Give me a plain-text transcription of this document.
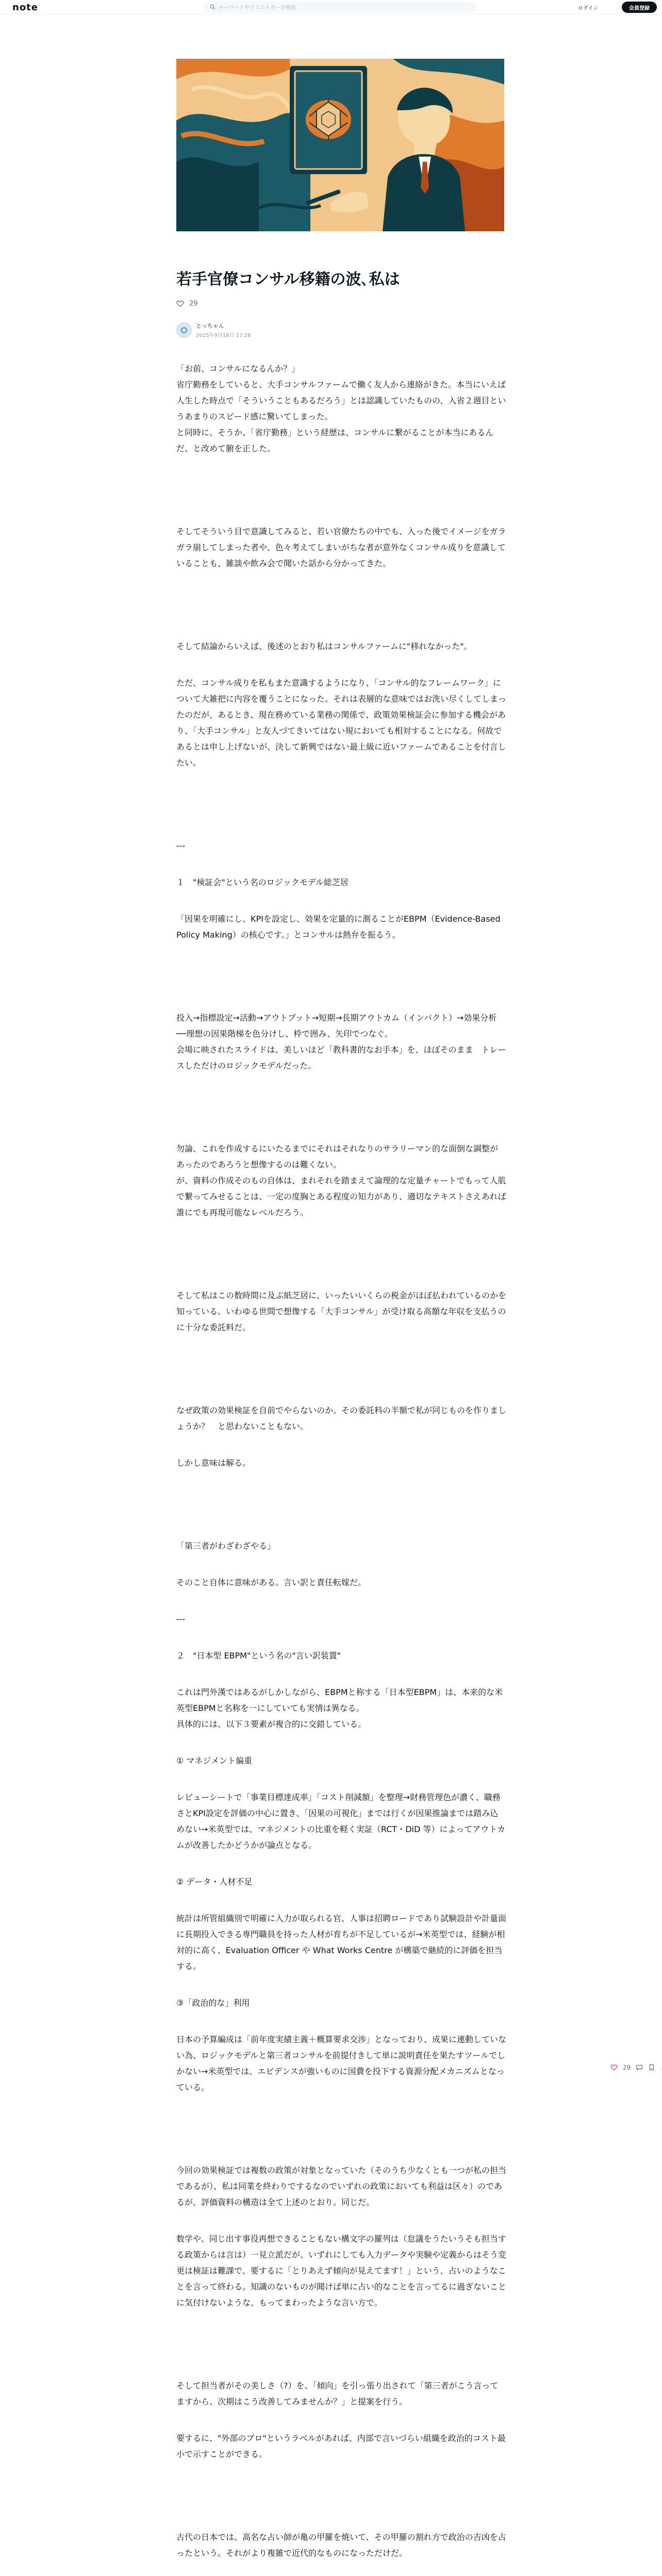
note	キーワードやクリエイターで検索	ログイン	会員登録
若手官僚コンサル移籍の波､私は
29
とっちゃん
2025年9月18日 17:28

「お前、コンサルになるんか？」
省庁勤務をしていると、大手コンサルファームで働く友人から連絡がきた。本当にいえば人生した時点で「そういうこともあるだろう」とは認識していたものの、入省２週目というあまりのスピード感に驚いてしまった。
と同時に、そうか、「省庁勤務」という経歴は、コンサルに繋がることが本当にあるんだ、と改めて腑を正した。

そしてそういう目で意識してみると、若い官僚たちの中でも、入った後でイメージをガラガラ崩してしまった者や、色々考えてしまいがちな者が意外なくコンサル成りを意識していることも、雑談や飲み会で聞いた話から分かってきた。

そして結論からいえば、後述のとおり私はコンサルファームに"移れなかった"。

ただ、コンサル成りを私もまた意識するようになり、「コンサル的なフレームワーク」について大雑把に内容を覆うことになった。それは表層的な意味ではお洗い尽くしてしまったのだが、あるとき、現在務めている業務の関係で、政策効果検証会に参加する機会があり、「大手コンサル」と友人づてきいてはない規においても相対することになる。何故であるとは申し上げないが、決して新興ではない最上級に近いファームであることを付言したい。

---

１　"検証会"という名のロジックモデル総芝居

「因果を明確にし、KPIを設定し、効果を定量的に測ることがEBPM（Evidence-Based Policy Making）の核心です。」とコンサルは熱弁を振るう。

投入→指標設定→活動→アウトプット→短期→長期アウトカム（インパクト）→効果分析──理想の因果階梯を色分けし、枠で囲み、矢印でつなぐ。
会場に映されたスライドは、美しいほど「教科書的なお手本」を、ほぼそのまま　トレースしただけのロジックモデルだった。

勿論、これを作成するにいたるまでにそれはそれなりのサラリーマン的な面倒な調整があったのであろうと想像するのは難くない。
が、資料の作成そのもの自体は、まれそれを踏まえて論理的な定量チャートでもって人肌で繋ってみせることは、一定の度胸とある程度の知力があり、適切なテキストさえあれば誰にでも再現可能なレベルだろう。

そして私はこの数時間に及ぶ紙芝居に、いったいいくらの税金がほぼ払われているのかを知っている。いわゆる世間で想像する「大手コンサル」が受け取る高額な年収を支払うのに十分な委託料だ。

なぜ政策の効果検証を自前でやらないのか。その委託料の半額で私が同じものを作りましょうか？　と思わないこともない。

しかし意味は解る。

「第三者がわざわざやる」

そのこと自体に意味がある。言い訳と責任転嫁だ。

---

２　"日本型 EBPM"という名の"言い訳装置"

これは門外漢ではあるがしかしながら、EBPMと称する「日本型EBPM」は、本来的な米英型EBPMと名称を一にしていても実情は異なる。
具体的には、以下３要素が複合的に交錯している。

① マネジメント偏重

レビューシートで「事業目標達成率」「コスト削減額」を整理→財務管理色が濃く、職務さとKPI設定を評価の中心に置き、「因果の可視化」までは行くが因果推論までは踏み込めない→米英型では、マネジメントの比重を軽く実証（RCT・DiD 等）によってアウトカムが改善したかどうかが論点となる。

② データ・人材不足

統計は所管組織別で明確に入力が取られる官、人事は招聘ロードであり試験設計や計量面に長期投入できる専門職員を持った人材が育ちが不足しているが→米英型では、経験が相対的に高く、Evaluation Officer や What Works Centre が構築で継続的に評価を担当する。

③「政治的な」利用

日本の予算編成は「前年度実績主義＋概算要求交渉」となっており、成果に連動していない為、ロジックモデルと第三者コンサルを前提付きして単に説明責任を果たすツールでしかない→米英型では、エビデンスが強いものに国費を投下する資源分配メカニズムとなっている。

今回の効果検証では複数の政策が対象となっていた（そのうち少なくとも一つが私の担当であるが）、私は同業を終わりでするなのでいずれの政策においても利益は区々）のであるが、評価資料の構造は全て上述のとおり。同じだ。

数学や、同じ出す事役再想できることもない構文字の羅列は（怠議をうたいうそも担当する政策からは言は）一見立派だが、いずれにしても入力データや実験や定義からはそう変更は検証は難課で、要するに「とりあえず傾向が見えてます！」という、占いのようなことを言って終わる。知識のないものが聞けば単に占い的なことを言ってるに過ぎないことに気付けないような、もってまわったような言い方で。

そして担当者がその美しさ（?）を、「傾向」を引っ張り出されて「第三者がこう言ってますから、次期はこう改善してみませんか？」と提案を行う。

要するに、"外部のプロ"というラベルがあれば、内部で言いづらい組織を政治的コスト最小で示すことができる。

古代の日本では、高名な占い師が亀の甲羅を焼いて、その甲羅の割れ方で政治の吉凶を占ったという。それがより複雑で近代的なものになっただけだ。

29
